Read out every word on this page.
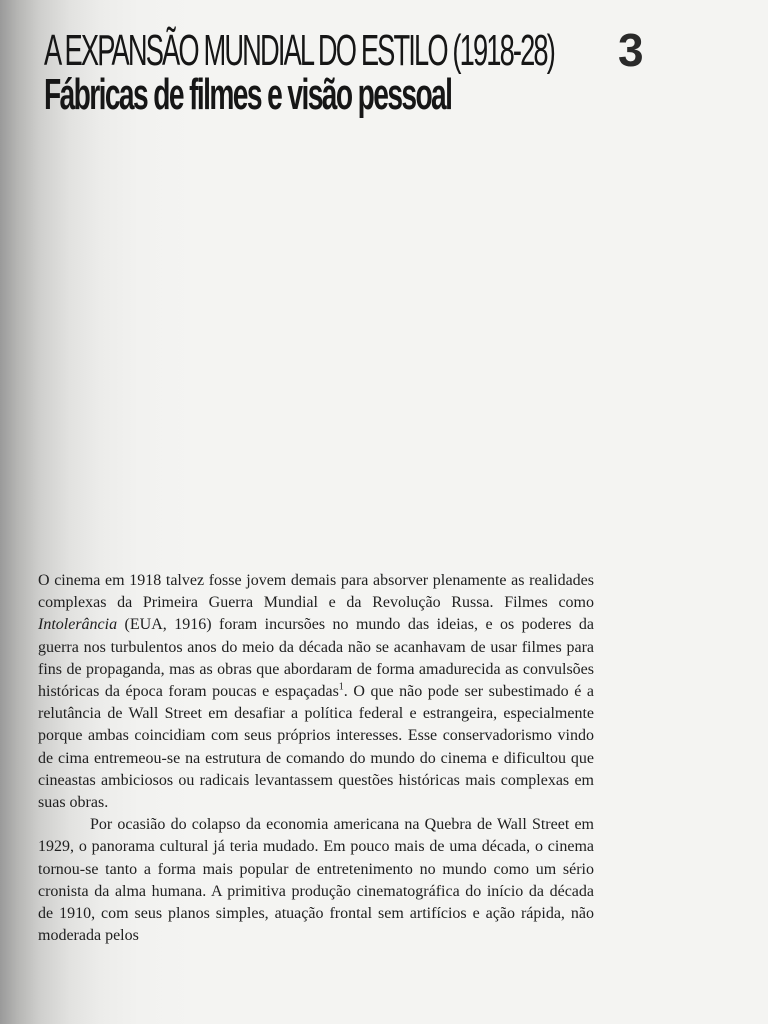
A EXPANSÃO MUNDIAL DO ESTILO (1918-28)
Fábricas de filmes e visão pessoal
3

O cinema em 1918 talvez fosse jovem demais para absorver plenamente as realidades complexas da Primeira Guerra Mundial e da Revolução Russa. Filmes como Intolerância (EUA, 1916) foram incursões no mundo das ideias, e os poderes da guerra nos turbulentos anos do meio da década não se acanhavam de usar filmes para fins de propaganda, mas as obras que abordaram de forma amadurecida as convulsões históricas da época foram poucas e espaçadas$^1$. O que não pode ser subestimado é a relutância de Wall Street em desafiar a política federal e estrangeira, especialmente porque ambas coincidiam com seus próprios interesses. Esse conservadorismo vindo de cima entremeou-se na estrutura de comando do mundo do cinema e dificultou que cineastas ambiciosos ou radicais levantassem questões históricas mais complexas em suas obras.

Por ocasião do colapso da economia americana na Quebra de Wall Street em 1929, o panorama cultural já teria mudado. Em pouco mais de uma década, o cinema tornou-se tanto a forma mais popular de entretenimento no mundo como um sério cronista da alma humana. A primitiva produção cinematográfica do início da década de 1910, com seus planos simples, atuação frontal sem artifícios e ação rápida, não moderada pelos
